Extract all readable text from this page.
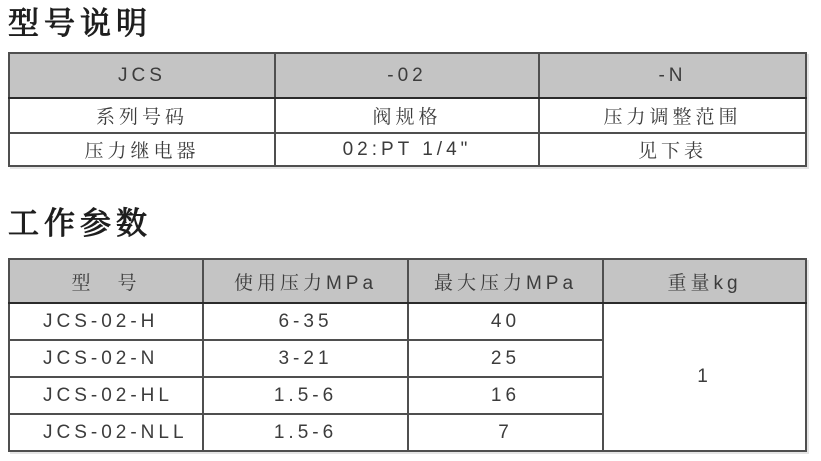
型号说明
JCS	-02	-N
系列号码	阀规格	压力调整范围
压力继电器	02:PT 1/4"	见下表
工作参数
型　号	使用压力MPa	最大压力MPa	重量kg
JCS-02-H	6-35	40	1
JCS-02-N	3-21	25	
JCS-02-HL	1.5-6	16	
JCS-02-NLL	1.5-6	7	
